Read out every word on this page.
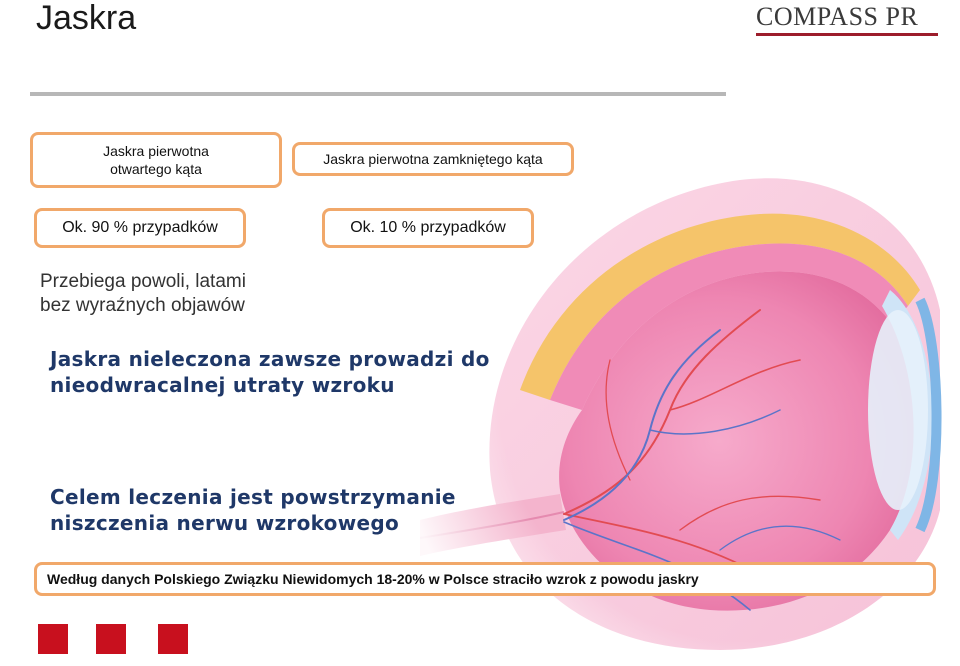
Jaskra	COMPASS PR
Jaskra pierwotna
otwartego kąta
Jaskra pierwotna zamkniętego kąta
Ok. 90 % przypadków	Ok. 10 % przypadków
Przebiega powoli, latami
bez wyraźnych objawów
Jaskra nieleczona zawsze prowadzi do
nieodwracalnej utraty wzroku
Celem leczenia jest powstrzymanie
niszczenia nerwu wzrokowego
Według danych Polskiego Związku Niewidomych 18-20% w Polsce straciło wzrok z powodu jaskry
